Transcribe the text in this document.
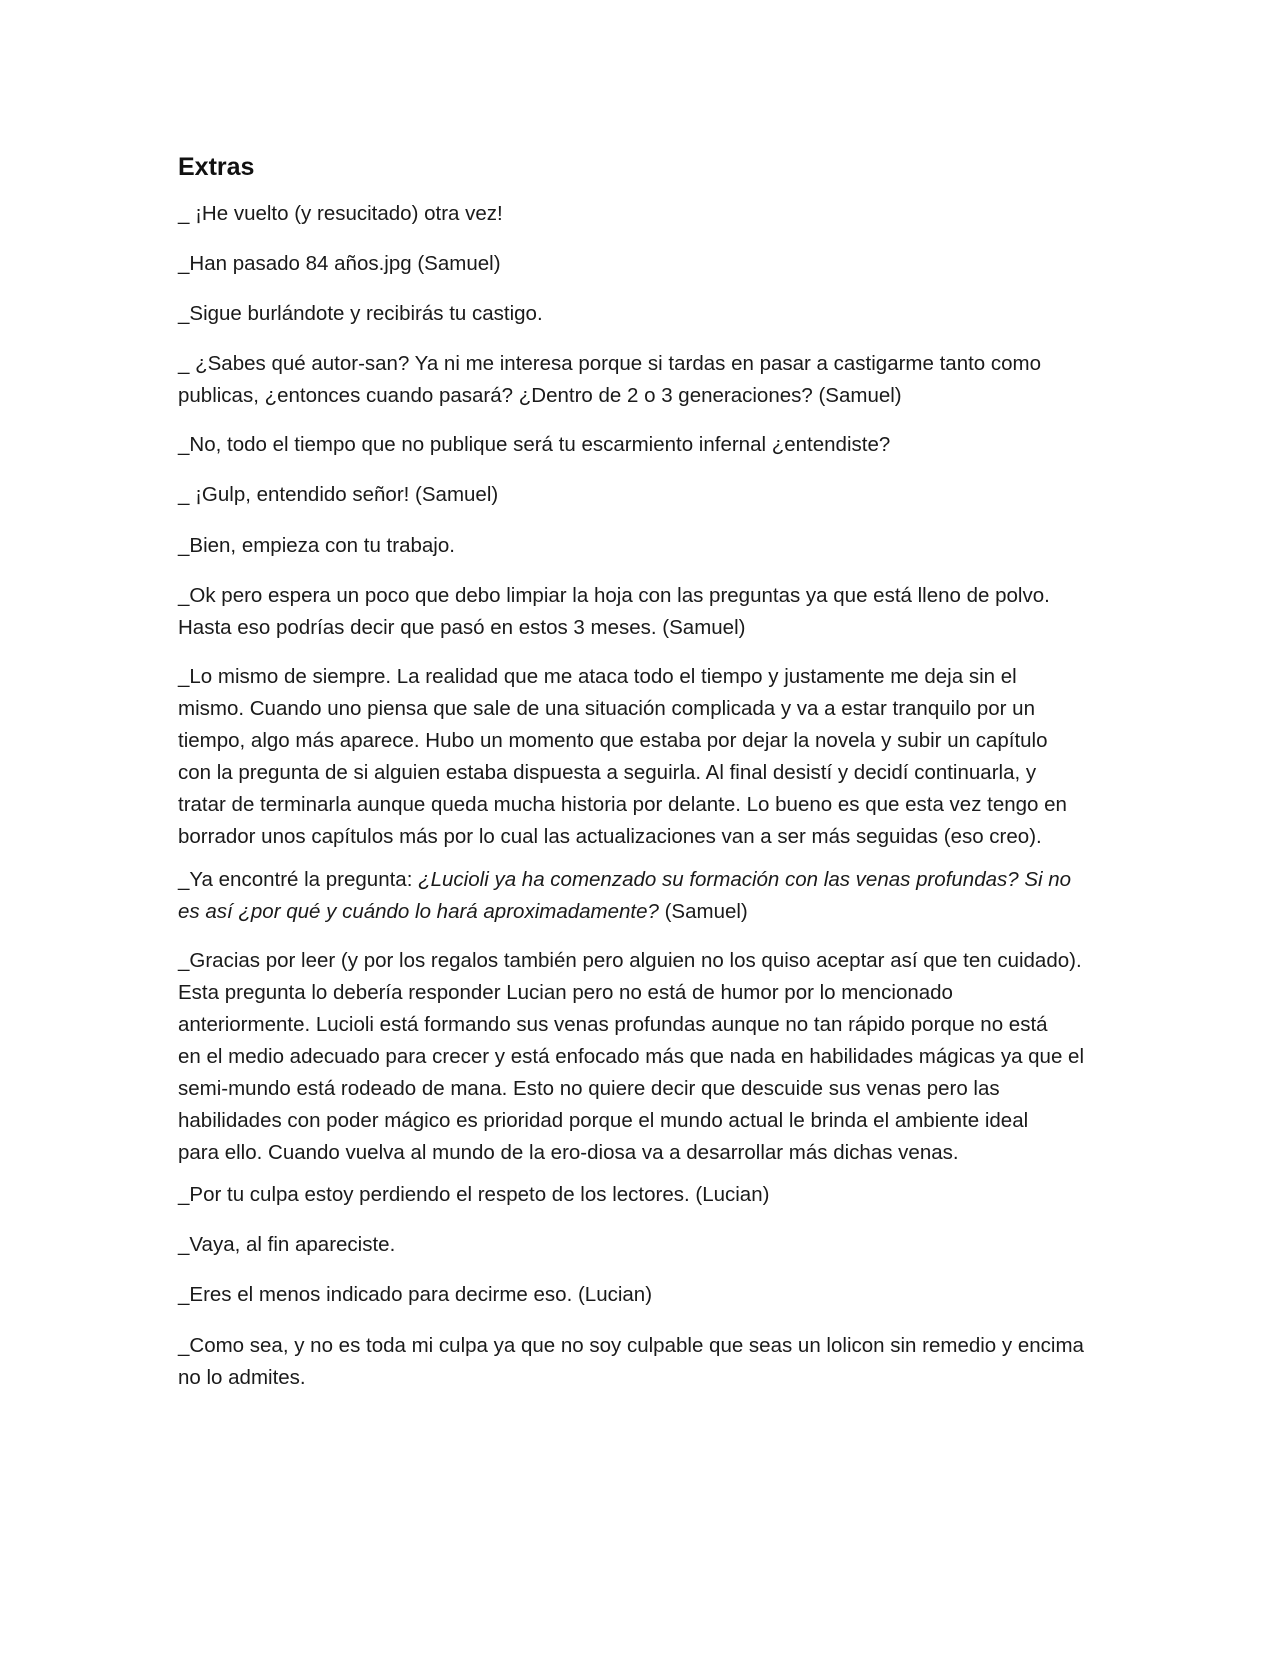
Extras

_ ¡He vuelto (y resucitado) otra vez!

_Han pasado 84 años.jpg (Samuel)

_Sigue burlándote y recibirás tu castigo.

_ ¿Sabes qué autor-san? Ya ni me interesa porque si tardas en pasar a castigarme tanto como
publicas, ¿entonces cuando pasará? ¿Dentro de 2 o 3 generaciones? (Samuel)

_No, todo el tiempo que no publique será tu escarmiento infernal ¿entendiste?

_ ¡Gulp, entendido señor! (Samuel)

_Bien, empieza con tu trabajo.

_Ok pero espera un poco que debo limpiar la hoja con las preguntas ya que está lleno de polvo.
Hasta eso podrías decir que pasó en estos 3 meses. (Samuel)

_Lo mismo de siempre. La realidad que me ataca todo el tiempo y justamente me deja sin el
mismo. Cuando uno piensa que sale de una situación complicada y va a estar tranquilo por un
tiempo, algo más aparece. Hubo un momento que estaba por dejar la novela y subir un capítulo
con la pregunta de si alguien estaba dispuesta a seguirla. Al final desistí y decidí continuarla, y
tratar de terminarla aunque queda mucha historia por delante. Lo bueno es que esta vez tengo en
borrador unos capítulos más por lo cual las actualizaciones van a ser más seguidas (eso creo).

_Ya encontré la pregunta: ¿Lucioli ya ha comenzado su formación con las venas profundas? Si no
es así ¿por qué y cuándo lo hará aproximadamente? (Samuel)

_Gracias por leer (y por los regalos también pero alguien no los quiso aceptar así que ten cuidado).
Esta pregunta lo debería responder Lucian pero no está de humor por lo mencionado
anteriormente. Lucioli está formando sus venas profundas aunque no tan rápido porque no está
en el medio adecuado para crecer y está enfocado más que nada en habilidades mágicas ya que el
semi-mundo está rodeado de mana. Esto no quiere decir que descuide sus venas pero las
habilidades con poder mágico es prioridad porque el mundo actual le brinda el ambiente ideal
para ello. Cuando vuelva al mundo de la ero-diosa va a desarrollar más dichas venas.

_Por tu culpa estoy perdiendo el respeto de los lectores. (Lucian)

_Vaya, al fin apareciste.

_Eres el menos indicado para decirme eso. (Lucian)

_Como sea, y no es toda mi culpa ya que no soy culpable que seas un lolicon sin remedio y encima
no lo admites.
